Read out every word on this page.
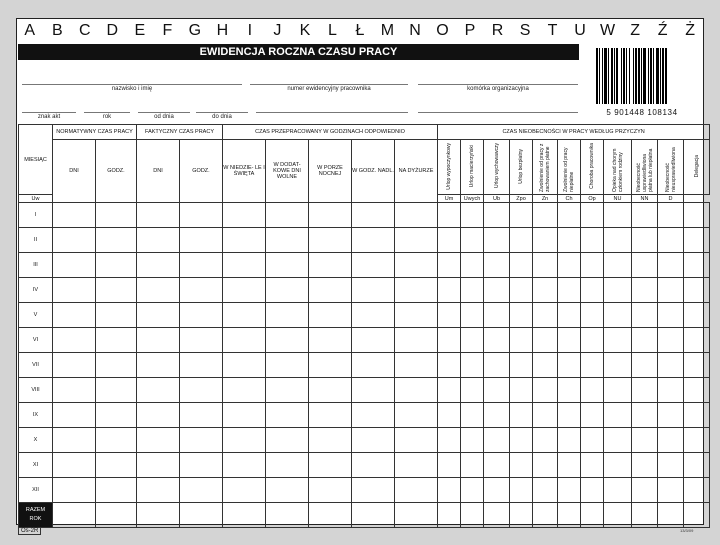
A	B	C D	E	F	G H	I	J	K	L	Ł	M N O P	R	S	T	U W Z	Ź	Ż
EWIDENCJA ROCZNA CZASU PRACY
nazwisko i imię	numer ewidencyjny pracownika	komórka organizacyjna
znak akt	rok	od dnia	do dnia	5 901448 108134
MIESIĄC	NORMATYWNY CZAS PRACY		FAKTYCZNY CZAS PRACY		CZAS PRZEPRACOWANY W GODZINACH ODPOWIEDNIO					CZAS NIEOBECNOŚCI W PRACY WEDŁUG PRZYCZYN										
	DNI	GODZ.	DNI	GODZ.	W NIEDZIE- LE I ŚWIĘTA	W DODAT- KOWE DNI WOLNE	W PORZE NOCNEJ	W GODZ. NADL.	NA DYŻURZE	Urlop wypoczynkowy	Urlop macierzyński	Urlop wychowawczy	Urlop bezpłatny	Zwolnienie od pracy z zachowaniem płatne	Zwolnienie od pracy niepłatne	Choroba pracownika	Opieka nad chorym członkiem rodziny	Nieobecność usprawiedliwiona płatna lub niepłatna	Nieobecność nieusprawiedliwiona	Delegacja
Uw										Um	Uwych	Ub	Zpo	Zn	Ch	Op	NU	NN	D	
I																				
II																				
III																				
IV																				
V																				
VI																				
VII																				
VIII																				
IX																				
X																				
XI																				
XII																				

RAZEM
ROK																				

Os-2R	13/3/09
